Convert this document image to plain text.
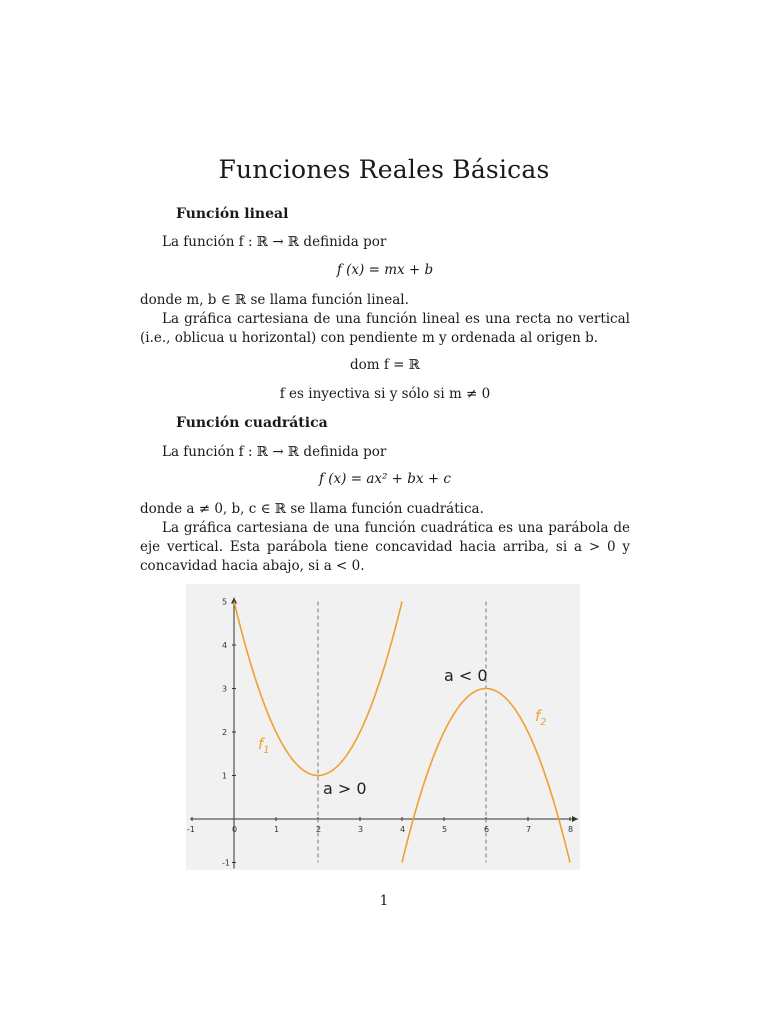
Funciones Reales Básicas
Función lineal
La función f : ℝ → ℝ definida por
f (x) = mx + b
donde m, b ∈ ℝ se llama función lineal.
La gráfica cartesiana de una función lineal es una recta no vertical (i.e., oblicua u horizontal) con pendiente m y ordenada al origen b.
dom f = ℝ
f es inyectiva si y sólo si m ≠ 0
Función cuadrática
La función f : ℝ → ℝ definida por
f (x) = ax² + bx + c
donde a ≠ 0, b, c ∈ ℝ se llama función cuadrática.
La gráfica cartesiana de una función cuadrática es una parábola de eje vertical. Esta parábola tiene concavidad hacia arriba, si a > 0 y concavidad hacia abajo, si a < 0.
-1	0	1	2	3	4	5	6	7	8
-1
1
2
3
4
5
$f_1$
$f_2$
a > 0
a < 0
1
